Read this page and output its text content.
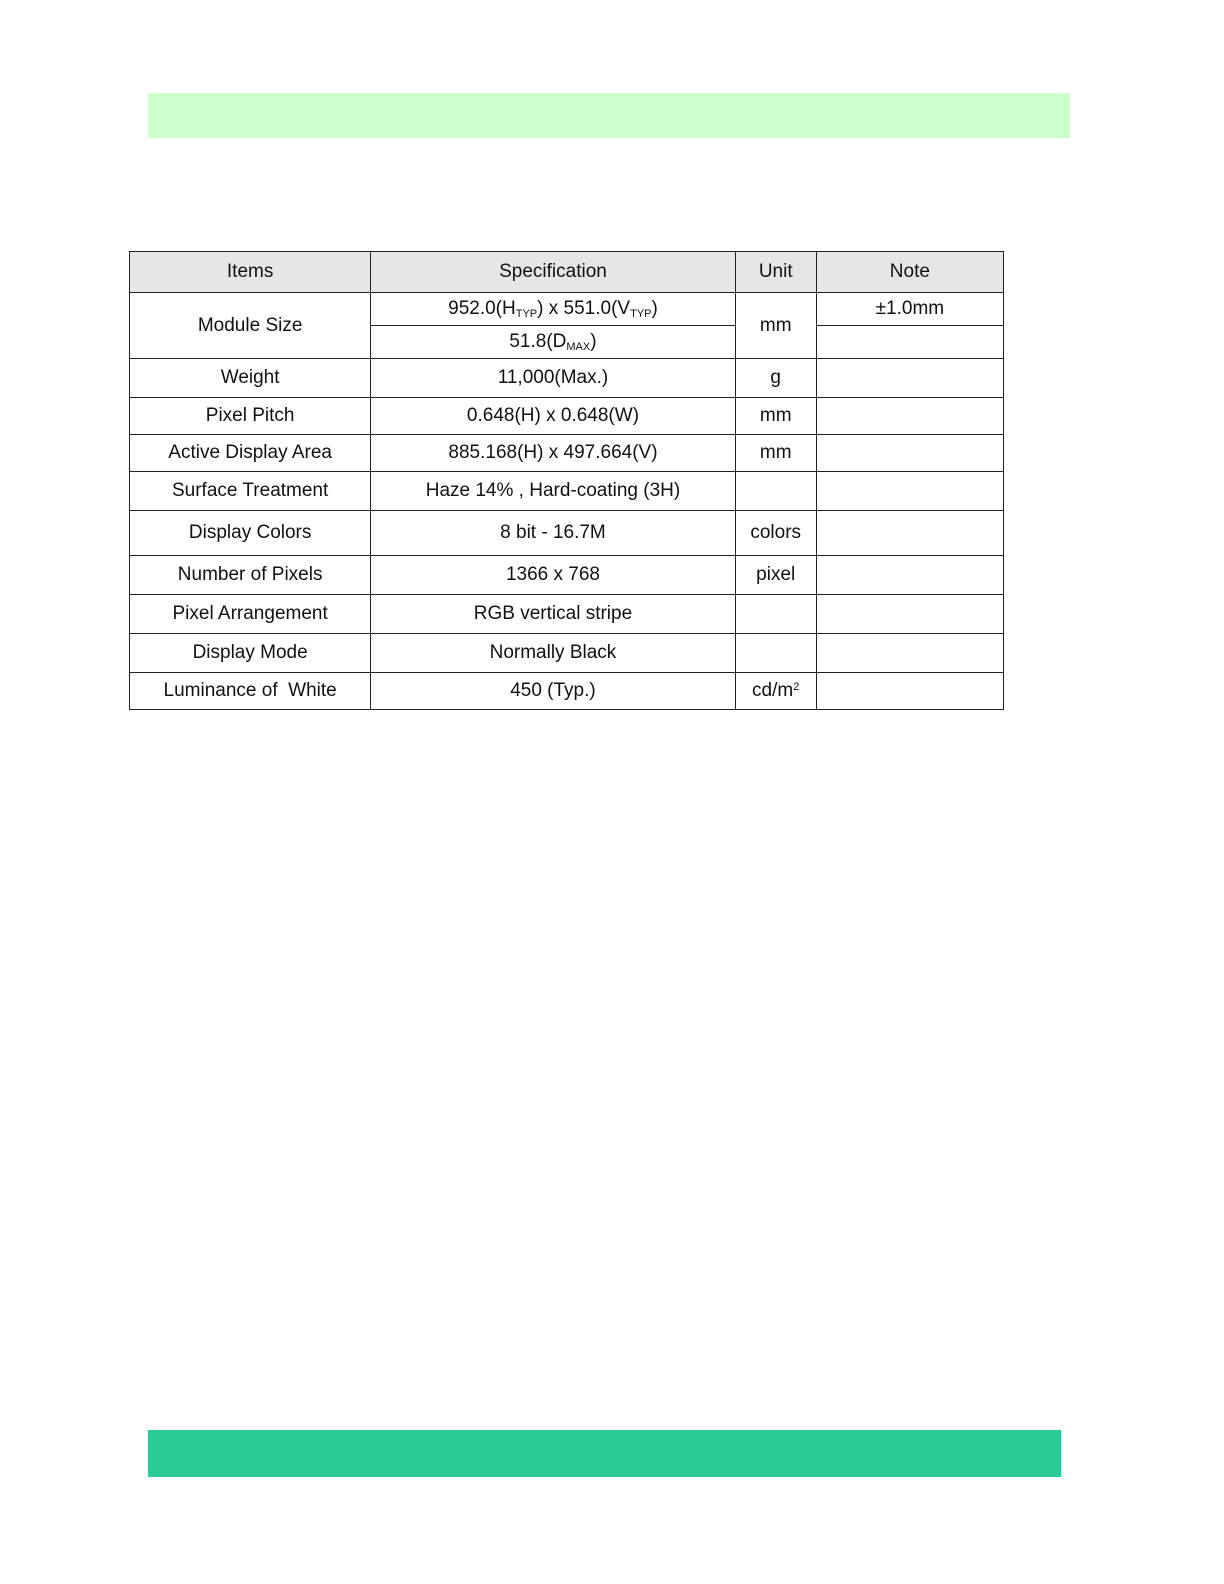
Items	Specification	Unit	Note
Module Size	$952.0(H_{TYP})$ x $551.0(V_{TYP})$	mm	±1.0mm
	$51.8(D_{MAX})$		
Weight	11,000(Max.)	g	
Pixel Pitch	0.648(H) x 0.648(W)	mm	
Active Display Area	885.168(H) x 497.664(V)	mm	
Surface Treatment	Haze 14% , Hard-coating (3H)		
Display Colors	8 bit - 16.7M	colors	
Number of Pixels	1366 x 768	pixel	
Pixel Arrangement	RGB vertical stripe		
Display Mode	Normally Black		
Luminance of  White	450 (Typ.)	$cd/m^2$	
